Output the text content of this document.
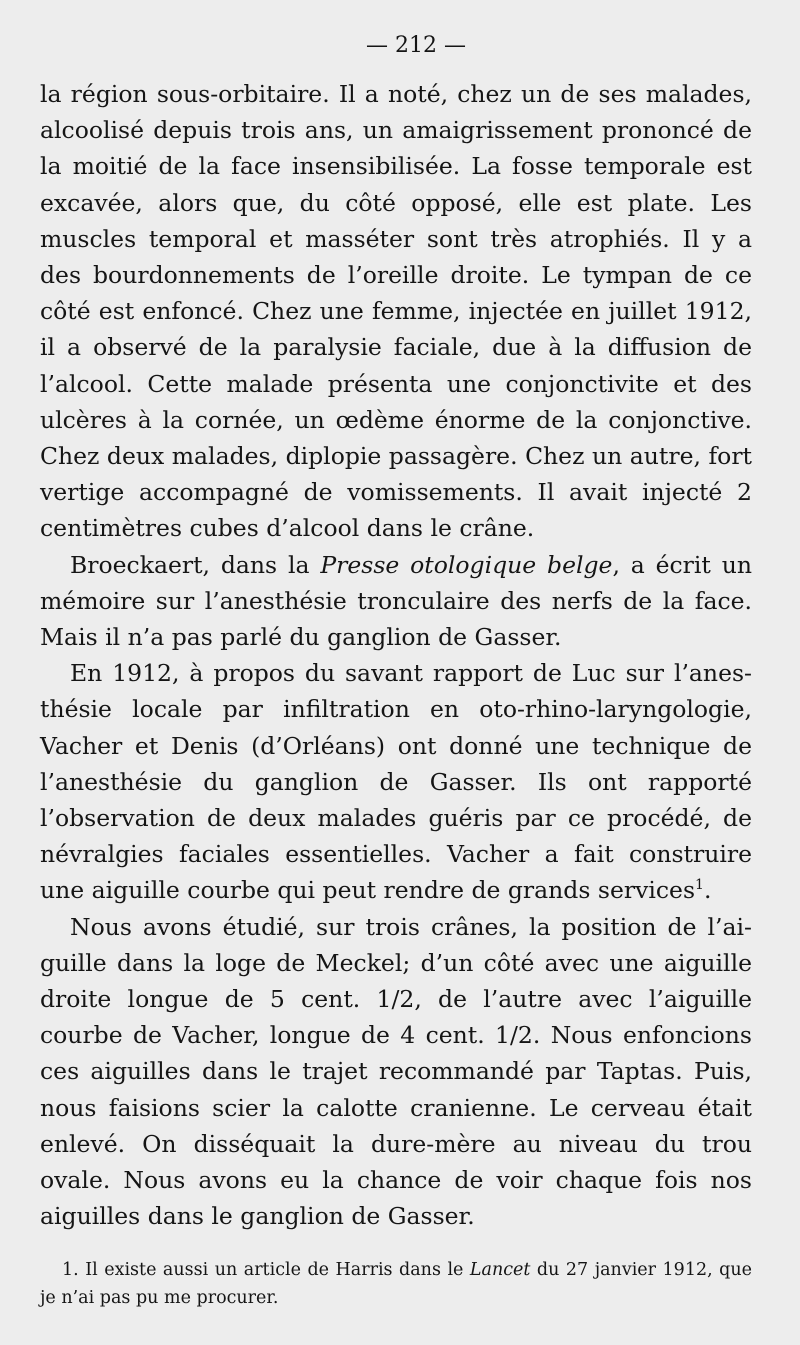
— 212 —

la région sous-orbitaire. Il a noté, chez un de ses malades, alcoolisé depuis trois ans, un amaigrissement prononcé de la moitié de la face insensibilisée. La fosse temporale est excavée, alors que, du côté opposé, elle est plate. Les muscles temporal et masséter sont très atrophiés. Il y a des bourdonnements de l’oreille droite. Le tympan de ce côté est enfoncé. Chez une femme, injectée en juillet 1912, il a observé de la paralysie faciale, due à la diffusion de l’alcool. Cette malade présenta une conjonctivite et des ulcères à la cornée, un œdème énorme de la conjonctive. Chez deux malades, diplopie passagère. Chez un autre, fort vertige accompagné de vomissements. Il avait injecté 2 centimètres cubes d’alcool dans le crâne.

Broeckaert, dans la Presse otologique belge, a écrit un mémoire sur l’anesthésie tronculaire des nerfs de la face. Mais il n’a pas parlé du ganglion de Gasser.

En 1912, à propos du savant rapport de Luc sur l’anesthésie locale par infiltration en oto-rhino-laryngologie, Vacher et Denis (d’Orléans) ont donné une technique de l’anesthésie du ganglion de Gasser. Ils ont rapporté l’observation de deux malades guéris par ce procédé, de névralgies faciales essentielles. Vacher a fait construire une aiguille courbe qui peut rendre de grands services$^1$.

Nous avons étudié, sur trois crânes, la position de l’aiguille dans la loge de Meckel; d’un côté avec une aiguille droite longue de 5 cent. 1/2, de l’autre avec l’aiguille courbe de Vacher, longue de 4 cent. 1/2. Nous enfoncions ces aiguilles dans le trajet recommandé par Taptas. Puis, nous faisions scier la calotte cranienne. Le cerveau était enlevé. On disséquait la dure-mère au niveau du trou ovale. Nous avons eu la chance de voir chaque fois nos aiguilles dans le ganglion de Gasser.

1. Il existe aussi un article de Harris dans le Lancet du 27 janvier 1912, que je n’ai pas pu me procurer.
